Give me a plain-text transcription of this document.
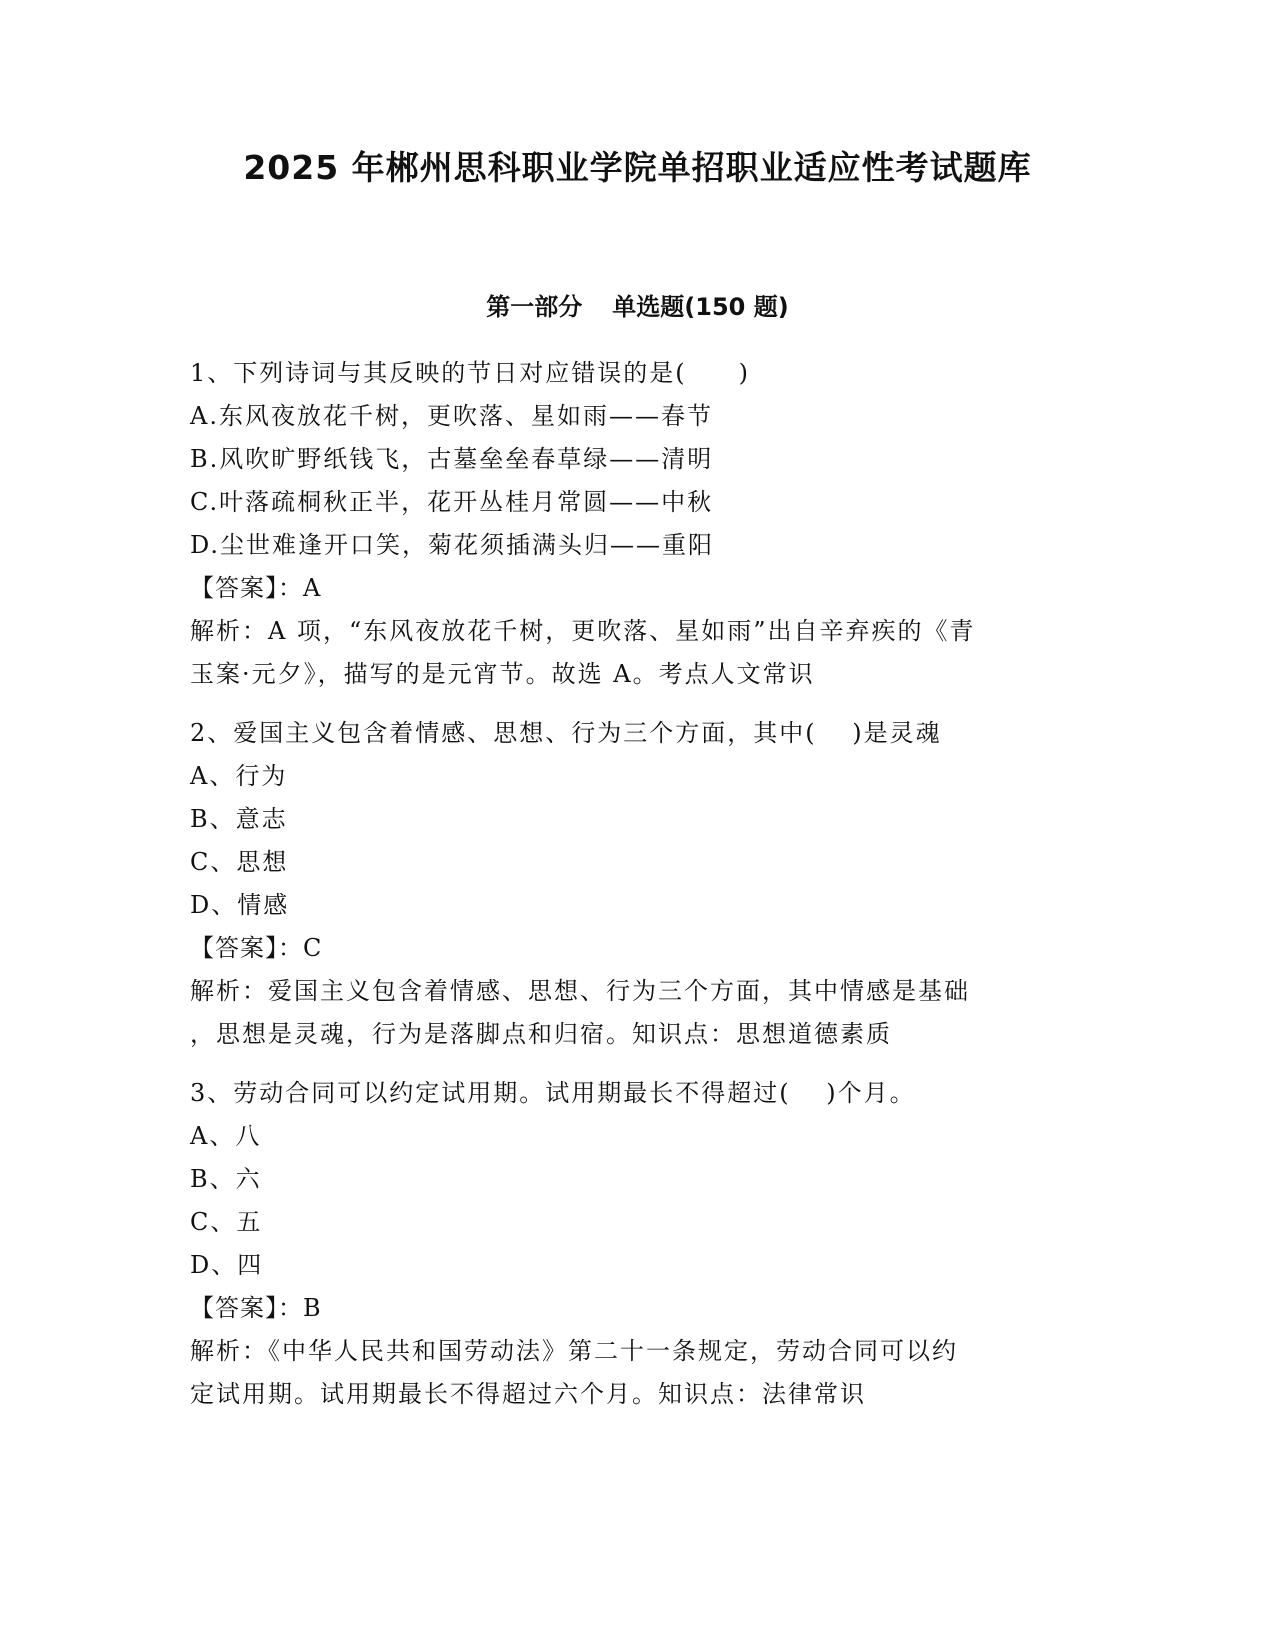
2025 年郴州思科职业学院单招职业适应性考试题库
第一部分 单选题(150 题)
1、下列诗词与其反映的节日对应错误的是(　　)
A.东风夜放花千树，更吹落、星如雨——春节
B.风吹旷野纸钱飞，古墓垒垒春草绿——清明
C.叶落疏桐秋正半，花开丛桂月常圆——中秋
D.尘世难逢开口笑，菊花须插满头归——重阳
【答案】：A
解析：A 项，“东风夜放花千树，更吹落、星如雨”出自辛弃疾的《青
玉案·元夕》，描写的是元宵节。故选 A。考点人文常识
2、爱国主义包含着情感、思想、行为三个方面，其中(　 )是灵魂
A、行为
B、意志
C、思想
D、情感
【答案】：C
解析：爱国主义包含着情感、思想、行为三个方面，其中情感是基础
，思想是灵魂，行为是落脚点和归宿。知识点：思想道德素质
3、劳动合同可以约定试用期。试用期最长不得超过(　 )个月。
A、八
B、六
C、五
D、四
【答案】：B
解析：《中华人民共和国劳动法》第二十一条规定，劳动合同可以约
定试用期。试用期最长不得超过六个月。知识点：法律常识
